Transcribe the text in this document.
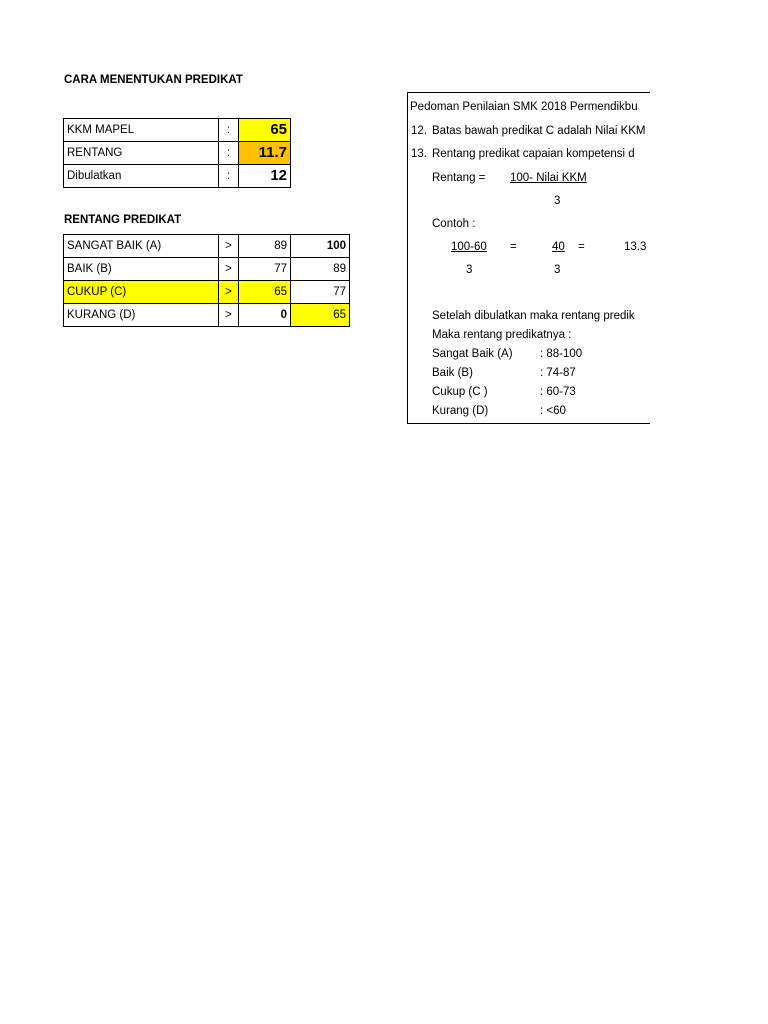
CARA MENENTUKAN PREDIKAT
KKM MAPEL	:	65
RENTANG	:	11.7
Dibulatkan	:	12
RENTANG PREDIKAT
SANGAT BAIK (A)	>	89	100
BAIK (B)	>	77	89
CUKUP (C)	>	65	77
KURANG (D)	>	0	65
Pedoman Penilaian SMK 2018 Permendikbu
12. Batas bawah predikat C adalah Nilai KKM
13. Rentang predikat capaian kompetensi d
Rentang = 100- Nilai KKM
3
Contoh :
100-60 =	40 =	13.3
3	3
Setelah dibulatkan maka rentang predik
Maka rentang predikatnya :
Sangat Baik (A) : 88-100
Baik (B)	: 74-87
Cukup (C )	: 60-73
Kurang (D)	: <60
